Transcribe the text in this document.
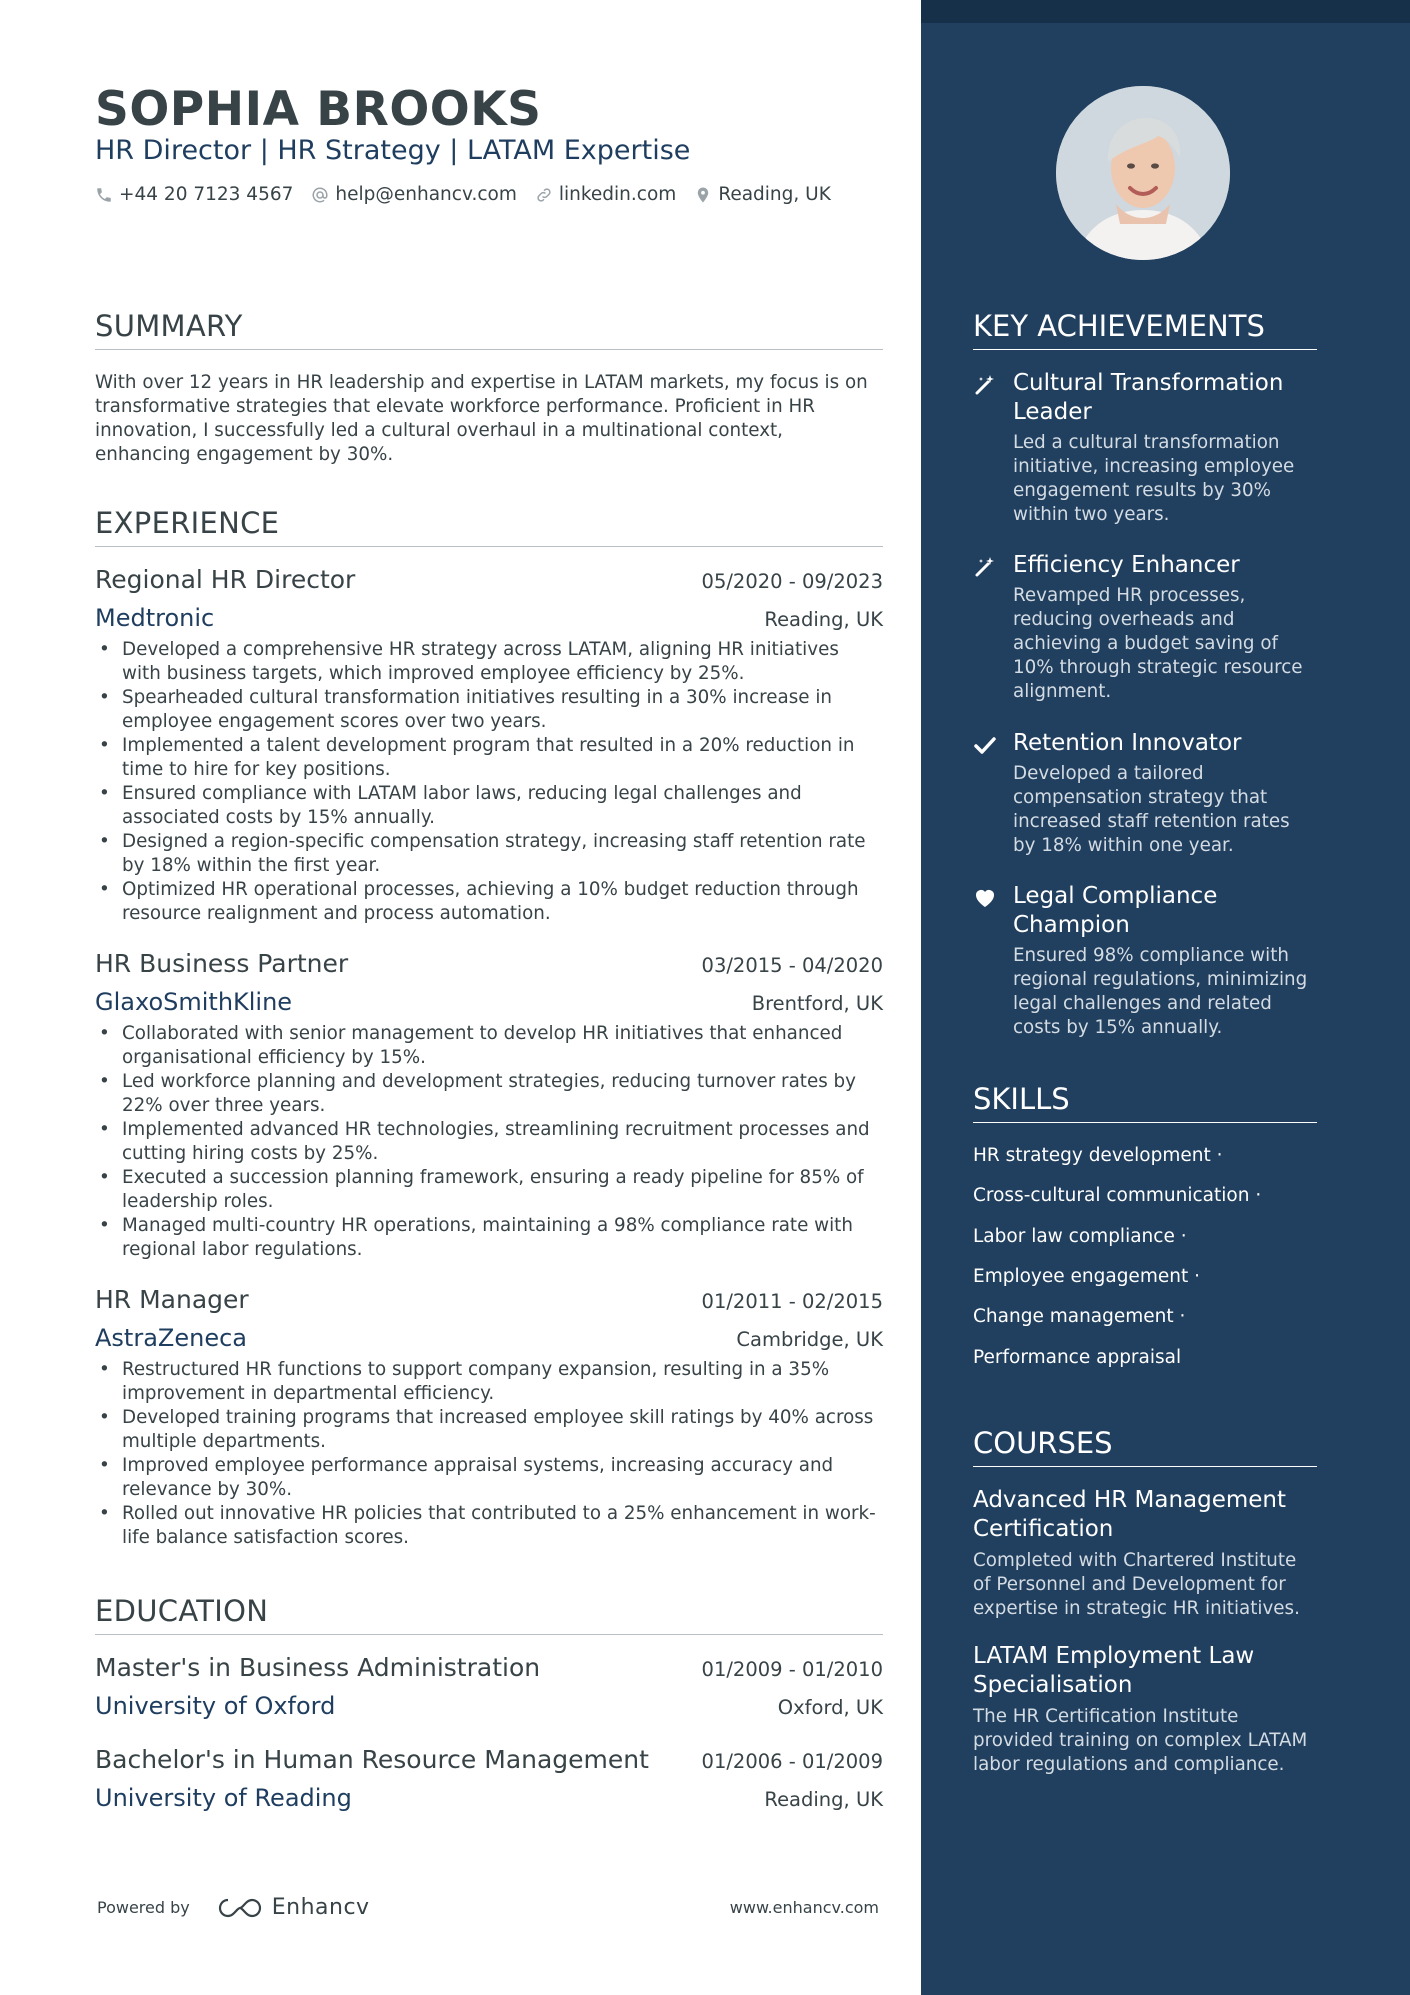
SOPHIA BROOKS
HR Director | HR Strategy | LATAM Expertise
+44 20 7123 4567 help@enhancv.com linkedin.com Reading, UK
SUMMARY
With over 12 years in HR leadership and expertise in LATAM markets, my focus is on transformative strategies that elevate workforce performance. Proficient in HR innovation, I successfully led a cultural overhaul in a multinational context, enhancing engagement by 30%.
EXPERIENCE
Regional HR Director	05/2020 - 09/2023
Medtronic	Reading, UK
• Developed a comprehensive HR strategy across LATAM, aligning HR initiatives with business targets, which improved employee efficiency by 25%.
• Spearheaded cultural transformation initiatives resulting in a 30% increase in employee engagement scores over two years.
• Implemented a talent development program that resulted in a 20% reduction in time to hire for key positions.
• Ensured compliance with LATAM labor laws, reducing legal challenges and associated costs by 15% annually.
• Designed a region-specific compensation strategy, increasing staff retention rate by 18% within the first year.
• Optimized HR operational processes, achieving a 10% budget reduction through resource realignment and process automation.
HR Business Partner	03/2015 - 04/2020
GlaxoSmithKline	Brentford, UK
• Collaborated with senior management to develop HR initiatives that enhanced organisational efficiency by 15%.
• Led workforce planning and development strategies, reducing turnover rates by 22% over three years.
• Implemented advanced HR technologies, streamlining recruitment processes and cutting hiring costs by 25%.
• Executed a succession planning framework, ensuring a ready pipeline for 85% of leadership roles.
• Managed multi-country HR operations, maintaining a 98% compliance rate with regional labor regulations.
HR Manager	01/2011 - 02/2015
AstraZeneca	Cambridge, UK
• Restructured HR functions to support company expansion, resulting in a 35% improvement in departmental efficiency.
• Developed training programs that increased employee skill ratings by 40% across multiple departments.
• Improved employee performance appraisal systems, increasing accuracy and relevance by 30%.
• Rolled out innovative HR policies that contributed to a 25% enhancement in work-life balance satisfaction scores.
EDUCATION
Master's in Business Administration	01/2009 - 01/2010
University of Oxford	Oxford, UK
Bachelor's in Human Resource Management	01/2006 - 01/2009
University of Reading	Reading, UK
Powered by	Enhancv	www.enhancv.com
KEY ACHIEVEMENTS
Cultural Transformation Leader
Led a cultural transformation initiative, increasing employee engagement results by 30% within two years.
Efficiency Enhancer
Revamped HR processes, reducing overheads and achieving a budget saving of 10% through strategic resource alignment.
Retention Innovator
Developed a tailored compensation strategy that increased staff retention rates by 18% within one year.
Legal Compliance Champion
Ensured 98% compliance with regional regulations, minimizing legal challenges and related costs by 15% annually.
SKILLS
HR strategy development ·
Cross-cultural communication ·
Labor law compliance ·
Employee engagement ·
Change management ·
Performance appraisal
COURSES
Advanced HR Management Certification
Completed with Chartered Institute of Personnel and Development for expertise in strategic HR initiatives.
LATAM Employment Law Specialisation
The HR Certification Institute provided training on complex LATAM labor regulations and compliance.
